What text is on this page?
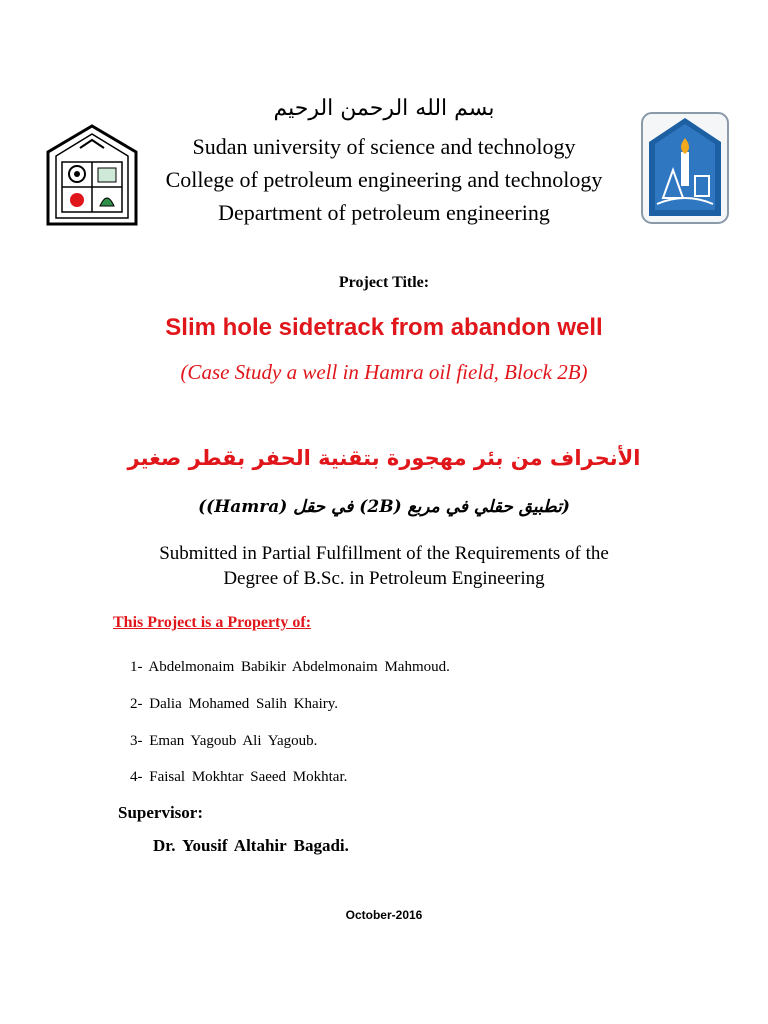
بسم الله الرحمن الرحيم
Sudan university of science and technology
College of petroleum engineering and technology
Department of petroleum engineering
Project Title:
Slim hole sidetrack from abandon well
(Case Study a well in Hamra oil field, Block 2B)
الأنحراف من بئر مهجورة بتقنية الحفر بقطر صغير
(تطبيق حقلي في مربع (2B) في حقل (Hamra))
Submitted in Partial Fulfillment of the Requirements of the
Degree of B.Sc. in Petroleum Engineering
This Project is a Property of:
1- Abdelmonaim Babikir Abdelmonaim Mahmoud.
2- Dalia Mohamed Salih Khairy.
3- Eman Yagoub Ali Yagoub.
4- Faisal Mokhtar Saeed Mokhtar.
Supervisor:
Dr. Yousif Altahir Bagadi.
October-2016
